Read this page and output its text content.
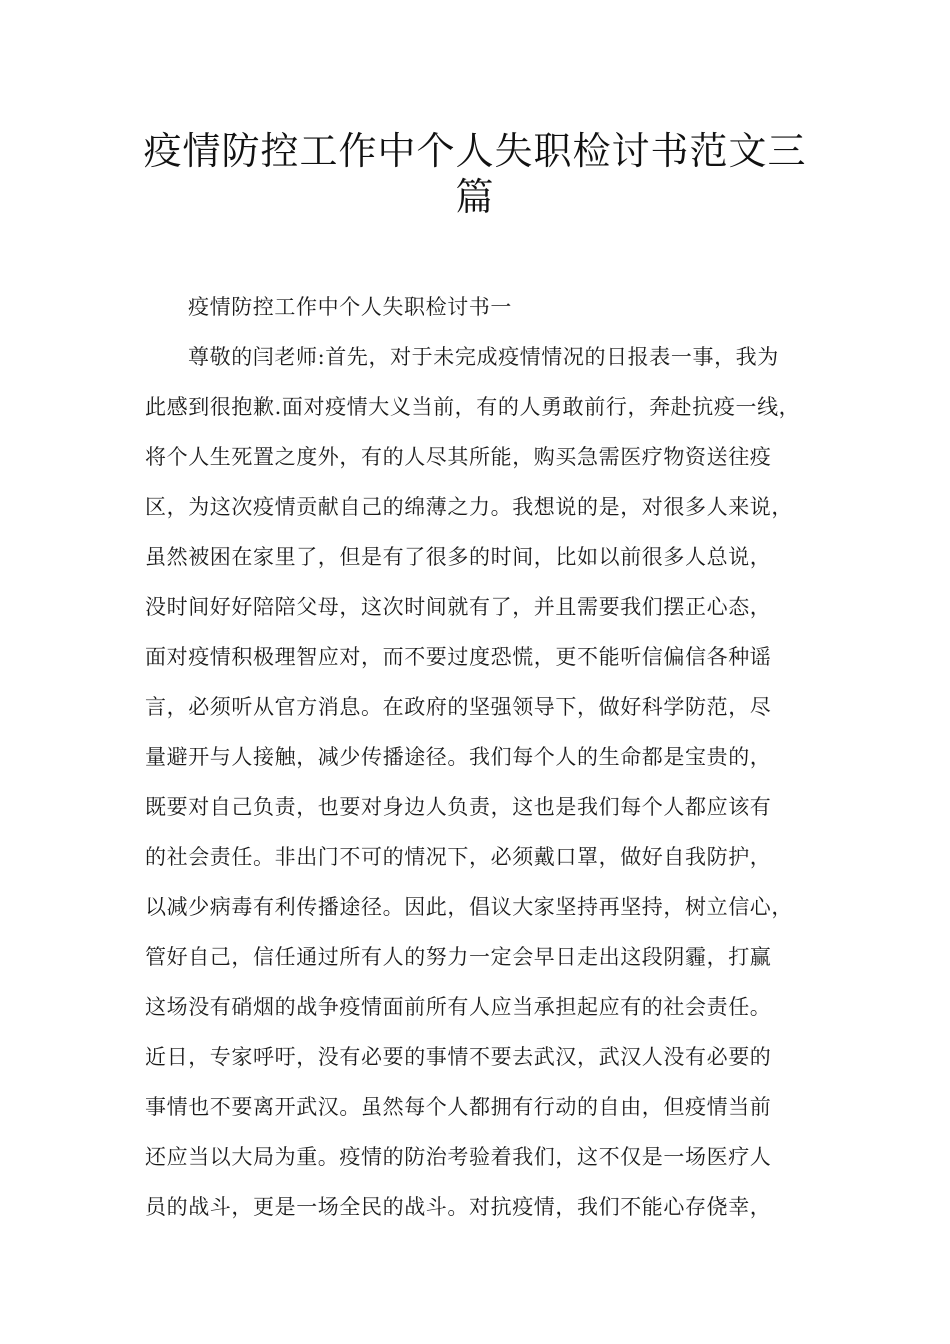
疫情防控工作中个人失职检讨书范文三
篇
疫情防控工作中个人失职检讨书一
尊敬的闫老师:首先，对于未完成疫情情况的日报表一事，我为
此感到很抱歉.面对疫情大义当前，有的人勇敢前行，奔赴抗疫一线，
将个人生死置之度外，有的人尽其所能，购买急需医疗物资送往疫
区，为这次疫情贡献自己的绵薄之力。我想说的是，对很多人来说，
虽然被困在家里了，但是有了很多的时间，比如以前很多人总说，
没时间好好陪陪父母，这次时间就有了，并且需要我们摆正心态，
面对疫情积极理智应对，而不要过度恐慌，更不能听信偏信各种谣
言，必须听从官方消息。在政府的坚强领导下，做好科学防范，尽
量避开与人接触，减少传播途径。我们每个人的生命都是宝贵的，
既要对自己负责，也要对身边人负责，这也是我们每个人都应该有
的社会责任。非出门不可的情况下，必须戴口罩，做好自我防护，
以减少病毒有利传播途径。因此，倡议大家坚持再坚持，树立信心，
管好自己，信任通过所有人的努力一定会早日走出这段阴霾，打赢
这场没有硝烟的战争疫情面前所有人应当承担起应有的社会责任。
近日，专家呼吁，没有必要的事情不要去武汉，武汉人没有必要的
事情也不要离开武汉。虽然每个人都拥有行动的自由，但疫情当前
还应当以大局为重。疫情的防治考验着我们，这不仅是一场医疗人
员的战斗，更是一场全民的战斗。对抗疫情，我们不能心存侥幸，
